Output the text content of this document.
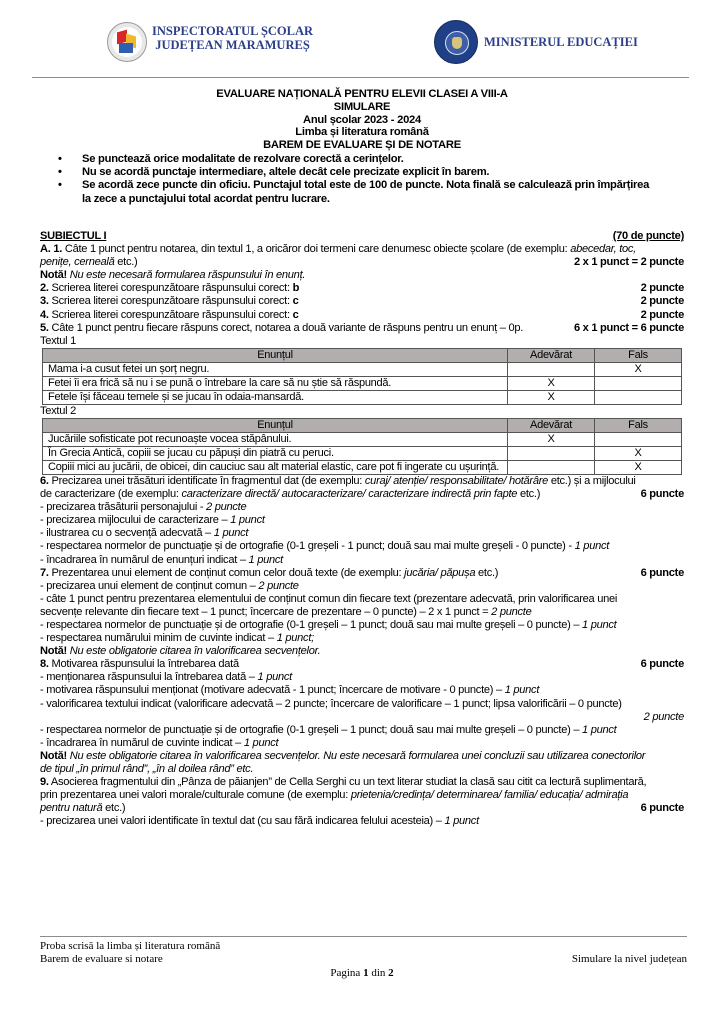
INSPECTORATUL ȘCOLAR
JUDEȚEAN MARAMUREȘ	MINISTERUL EDUCAȚIEI
EVALUARE NAȚIONALĂ PENTRU ELEVII CLASEI A VIII-A
SIMULARE
Anul școlar 2023 - 2024
Limba și literatura română
BAREM DE EVALUARE ȘI DE NOTARE
• Se punctează orice modalitate de rezolvare corectă a cerințelor.
• Nu se acordă punctaje intermediare, altele decât cele precizate explicit în barem.
• Se acordă zece puncte din oficiu. Punctajul total este de 100 de puncte. Nota finală se calculează prin împărțirea
la zece a punctajului total acordat pentru lucrare.
SUBIECTUL I	(70 de puncte)
A. 1. Câte 1 punct pentru notarea, din textul 1, a oricăror doi termeni care denumesc obiecte școlare (de exemplu: abecedar, toc,
penițe, cerneală etc.)	2 x 1 punct = 2 puncte
Notă! Nu este necesară formularea răspunsului în enunț.
2. Scrierea literei corespunzătoare răspunsului corect: b	2 puncte
3. Scrierea literei corespunzătoare răspunsului corect: c	2 puncte
4. Scrierea literei corespunzătoare răspunsului corect: c	2 puncte
5. Câte 1 punct pentru fiecare răspuns corect, notarea a două variante de răspuns pentru un enunț – 0p.	6 x 1 punct = 6 puncte
Textul 1
Enunțul	Adevărat	Fals
Mama i-a cusut fetei un șorț negru.		X
Fetei îi era frică să nu i se pună o întrebare la care să nu știe să răspundă.	X	
Fetele își făceau temele și se jucau în odaia-mansardă.	X	
Textul 2
Enunțul	Adevărat	Fals
Jucăriile sofisticate pot recunoaște vocea stăpânului.	X	
În Grecia Antică, copiii se jucau cu păpuși din piatră cu peruci.		X
Copiii mici au jucării, de obicei, din cauciuc sau alt material elastic, care pot fi ingerate cu ușurință.		X
6. Precizarea unei trăsături identificate în fragmentul dat (de exemplu: curaj/ atenție/ responsabilitate/ hotărâre etc.) și a mijlocului
de caracterizare (de exemplu: caracterizare directă/ autocaracterizare/ caracterizare indirectă prin fapte etc.)	6 puncte
- precizarea trăsăturii personajului - 2 puncte
- precizarea mijlocului de caracterizare – 1 punct
- ilustrarea cu o secvență adecvată – 1 punct
- respectarea normelor de punctuație și de ortografie (0-1 greșeli - 1 punct; două sau mai multe greșeli - 0 puncte) - 1 punct
- încadrarea în numărul de enunțuri indicat – 1 punct
7. Prezentarea unui element de conținut comun celor două texte (de exemplu: jucăria/ păpușa etc.)	6 puncte
- precizarea unui element de conținut comun – 2 puncte
- câte 1 punct pentru prezentarea elementului de conținut comun din fiecare text (prezentare adecvată, prin valorificarea unei
secvențe relevante din fiecare text – 1 punct; încercare de prezentare – 0 puncte) – 2 x 1 punct = 2 puncte
- respectarea normelor de punctuație și de ortografie (0-1 greșeli – 1 punct; două sau mai multe greșeli – 0 puncte) – 1 punct
- respectarea numărului minim de cuvinte indicat – 1 punct;
Notă! Nu este obligatorie citarea în valorificarea secvențelor.
8. Motivarea răspunsului la întrebarea dată	6 puncte
- menționarea răspunsului la întrebarea dată – 1 punct
- motivarea răspunsului menționat (motivare adecvată - 1 punct; încercare de motivare - 0 puncte) – 1 punct
- valorificarea textului indicat (valorificare adecvată – 2 puncte; încercare de valorificare – 1 punct; lipsa valorificării – 0 puncte)
2 puncte
- respectarea normelor de punctuație și de ortografie (0-1 greșeli – 1 punct; două sau mai multe greșeli – 0 puncte) – 1 punct
- încadrarea în numărul de cuvinte indicat – 1 punct
Notă! Nu este obligatorie citarea în valorificarea secvențelor. Nu este necesară formularea unei concluzii sau utilizarea conectorilor
de tipul „în primul rând”, „în al doilea rând” etc.
9. Asocierea fragmentului din „Pânza de păianjen” de Cella Serghi cu un text literar studiat la clasă sau citit ca lectură suplimentară,
prin prezentarea unei valori morale/culturale comune (de exemplu: prietenia/credința/ determinarea/ familia/ educația/ admirația
pentru natură etc.)	6 puncte
- precizarea unei valori identificate în textul dat (cu sau fără indicarea felului acesteia) – 1 punct
Proba scrisă la limba și literatura română
Barem de evaluare si notare	Simulare la nivel județean
Pagina 1 din 2
